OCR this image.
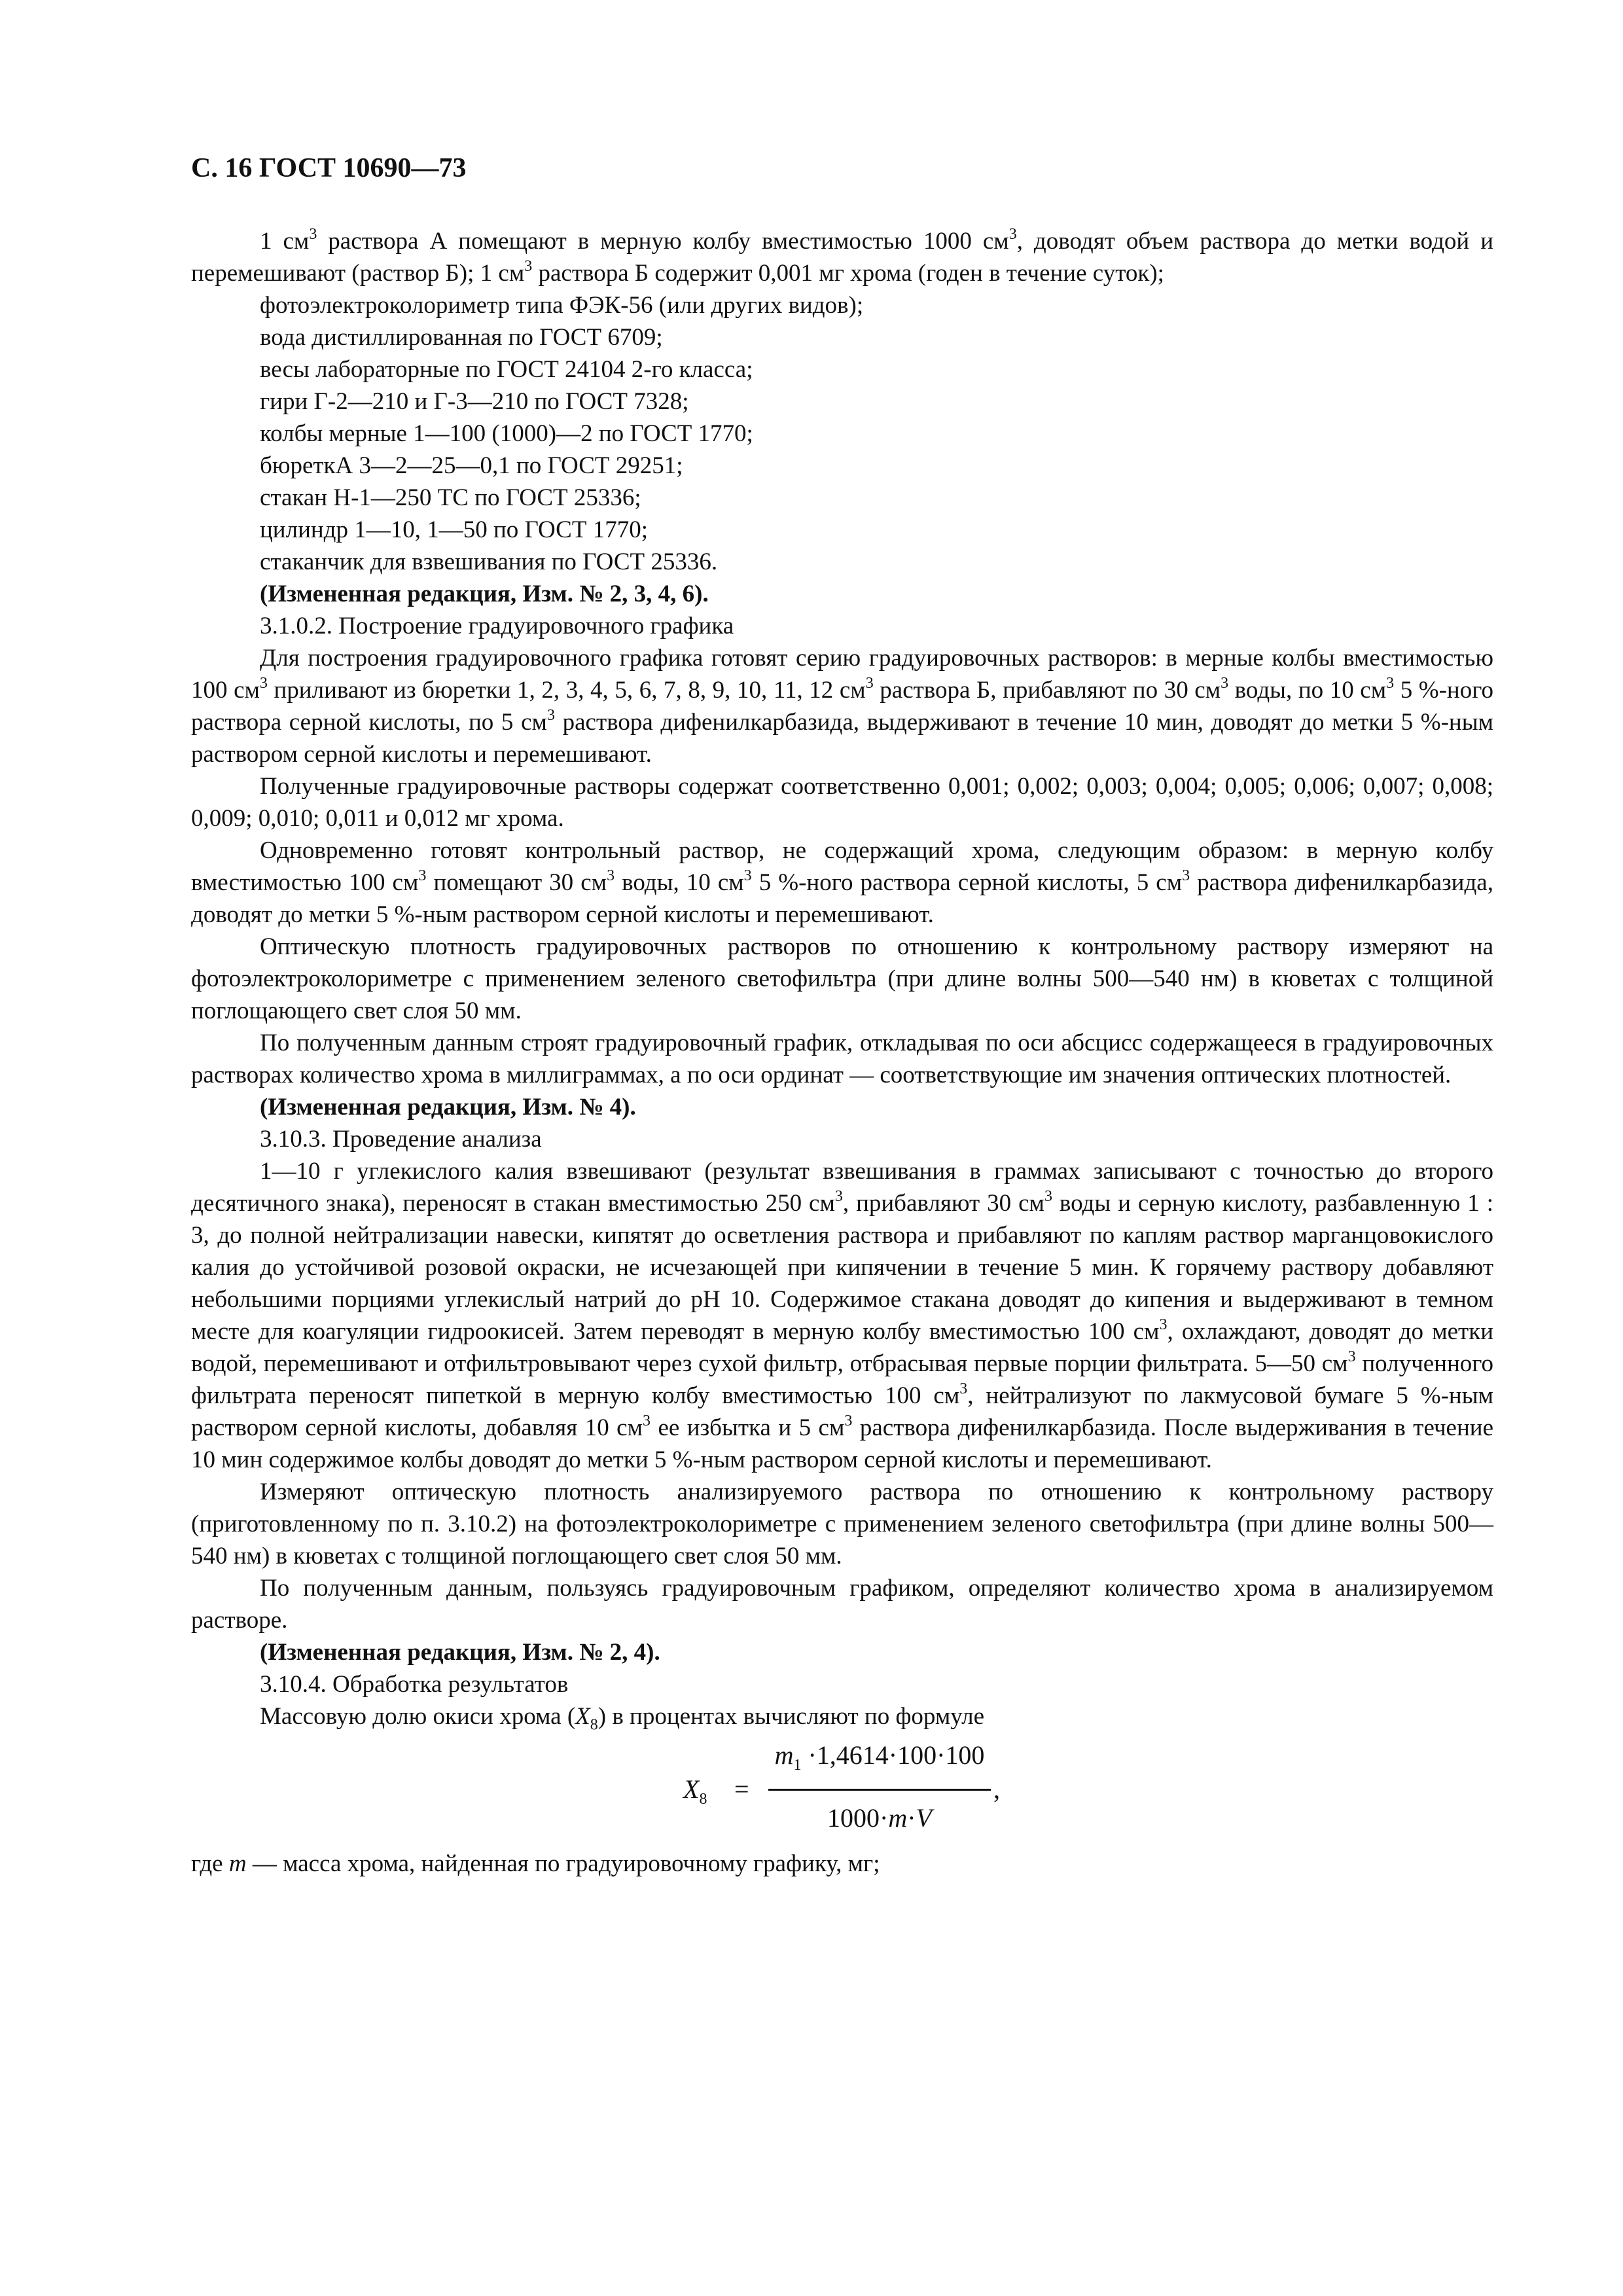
С. 16 ГОСТ 10690—73

1 $см^3$ раствора А помещают в мерную колбу вместимостью 1000 $см^3$, доводят объем раствора до метки водой и перемешивают (раствор Б); 1 $см^3$ раствора Б содержит 0,001 мг хрома (годен в течение суток);

фотоэлектроколориметр типа ФЭК-56 (или других видов);

вода дистиллированная по ГОСТ 6709;

весы лабораторные по ГОСТ 24104 2-го класса;

гири Г-2—210 и Г-3—210 по ГОСТ 7328;

колбы мерные 1—100 (1000)—2 по ГОСТ 1770;

бюреткА 3—2—25—0,1 по ГОСТ 29251;

стакан Н-1—250 ТС по ГОСТ 25336;

цилиндр 1—10, 1—50 по ГОСТ 1770;

стаканчик для взвешивания по ГОСТ 25336.

(Измененная редакция, Изм. № 2, 3, 4, 6).

3.1.0.2. Построение градуировочного графика

Для построения градуировочного графика готовят серию градуировочных растворов: в мерные колбы вместимостью 100 $см^3$ приливают из бюретки 1, 2, 3, 4, 5, 6, 7, 8, 9, 10, 11, 12 $см^3$ раствора Б, прибавляют по 30 $см^3$ воды, по 10 $см^3$ 5 %-ного раствора серной кислоты, по 5 $см^3$ раствора дифенилкарбазида, выдерживают в течение 10 мин, доводят до метки 5 %-ным раствором серной кислоты и перемешивают.

Полученные градуировочные растворы содержат соответственно 0,001; 0,002; 0,003; 0,004; 0,005; 0,006; 0,007; 0,008; 0,009; 0,010; 0,011 и 0,012 мг хрома.

Одновременно готовят контрольный раствор, не содержащий хрома, следующим образом: в мерную колбу вместимостью 100 $см^3$ помещают 30 $см^3$ воды, 10 $см^3$ 5 %-ного раствора серной кислоты, 5 $см^3$ раствора дифенилкарбазида, доводят до метки 5 %-ным раствором серной кислоты и перемешивают.

Оптическую плотность градуировочных растворов по отношению к контрольному раствору измеряют на фотоэлектроколориметре с применением зеленого светофильтра (при длине волны 500—540 нм) в кюветах с толщиной поглощающего свет слоя 50 мм.

По полученным данным строят градуировочный график, откладывая по оси абсцисс содержащееся в градуировочных растворах количество хрома в миллиграммах, а по оси ординат — соответствующие им значения оптических плотностей.

(Измененная редакция, Изм. № 4).

3.10.3. Проведение анализа

1—10 г углекислого калия взвешивают (результат взвешивания в граммах записывают с точностью до второго десятичного знака), переносят в стакан вместимостью 250 $см^3$, прибавляют 30 $см^3$ воды и серную кислоту, разбавленную 1 : 3, до полной нейтрализации навески, кипятят до осветления раствора и прибавляют по каплям раствор марганцовокислого калия до устойчивой розовой окраски, не исчезающей при кипячении в течение 5 мин. К горячему раствору добавляют небольшими порциями углекислый натрий до pH 10. Содержимое стакана доводят до кипения и выдерживают в темном месте для коагуляции гидроокисей. Затем переводят в мерную колбу вместимостью 100 $см^3$, охлаждают, доводят до метки водой, перемешивают и отфильтровывают через сухой фильтр, отбрасывая первые порции фильтрата. 5—50 $см^3$ полученного фильтрата переносят пипеткой в мерную колбу вместимостью 100 $см^3$, нейтрализуют по лакмусовой бумаге 5 %-ным раствором серной кислоты, добавляя 10 $см^3$ ее избытка и 5 $см^3$ раствора дифенилкарбазида. После выдерживания в течение 10 мин содержимое колбы доводят до метки 5 %-ным раствором серной кислоты и перемешивают.

Измеряют оптическую плотность анализируемого раствора по отношению к контрольному раствору (приготовленному по п. 3.10.2) на фотоэлектроколориметре с применением зеленого светофильтра (при длине волны 500—540 нм) в кюветах с толщиной поглощающего свет слоя 50 мм.

По полученным данным, пользуясь градуировочным графиком, определяют количество хрома в анализируемом растворе.

(Измененная редакция, Изм. № 2, 4).

3.10.4. Обработка результатов

Массовую долю окиси хрома $(X_8)$ в процентах вычисляют по формуле

$X_8$ =
$m_1 \cdot 1,4614\cdot 100\cdot 100$
1000·m·V
,

где m — масса хрома, найденная по градуировочному графику, мг;
